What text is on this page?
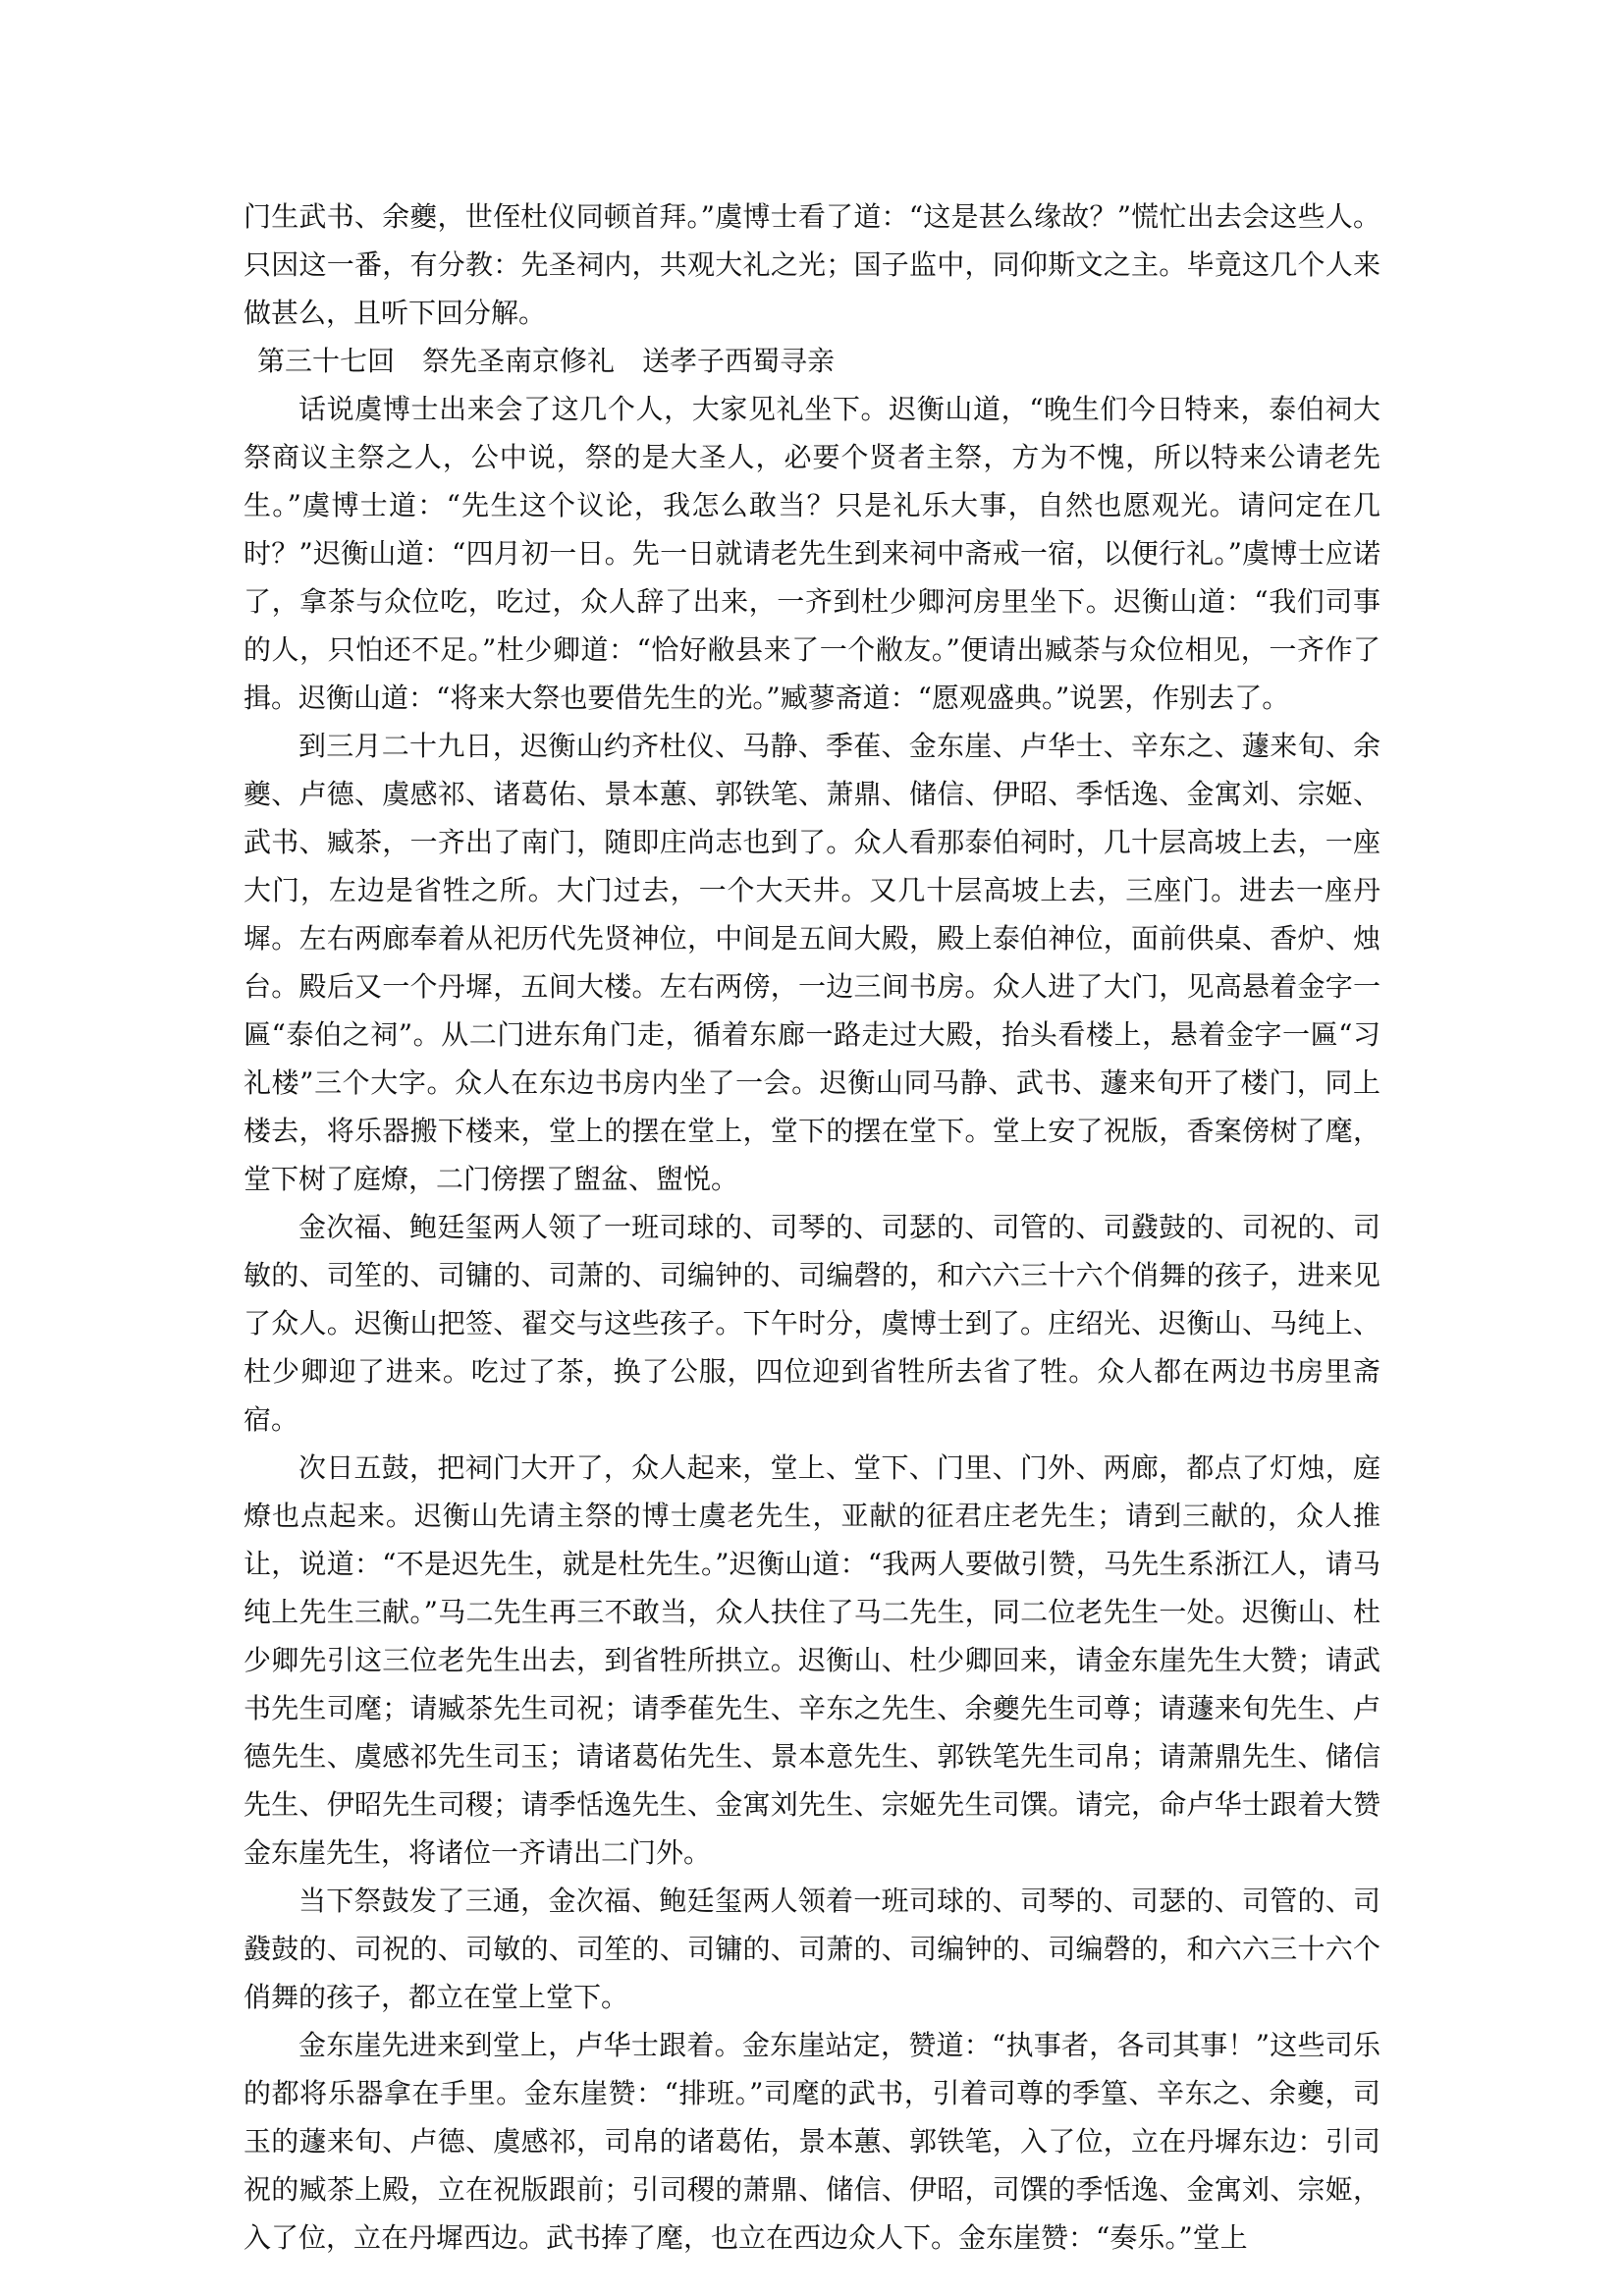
门生武书、余夔，世侄杜仪同顿首拜。”虞博士看了道：“这是甚么缘故？”慌忙出去会这些人。只因这一番，有分教：先圣祠内，共观大礼之光；国子监中，同仰斯文之主。毕竟这几个人来做甚么，且听下回分解。

第三十七回　祭先圣南京修礼　送孝子西蜀寻亲

话说虞博士出来会了这几个人，大家见礼坐下。迟衡山道，“晚生们今日特来，泰伯祠大祭商议主祭之人，公中说，祭的是大圣人，必要个贤者主祭，方为不愧，所以特来公请老先生。”虞博士道：“先生这个议论，我怎么敢当？只是礼乐大事，自然也愿观光。请问定在几时？”迟衡山道：“四月初一日。先一日就请老先生到来祠中斋戒一宿，以便行礼。”虞博士应诺了，拿茶与众位吃，吃过，众人辞了出来，一齐到杜少卿河房里坐下。迟衡山道：“我们司事的人，只怕还不足。”杜少卿道：“恰好敝县来了一个敝友。”便请出臧荼与众位相见，一齐作了揖。迟衡山道：“将来大祭也要借先生的光。”臧蓼斋道：“愿观盛典。”说罢，作别去了。

到三月二十九日，迟衡山约齐杜仪、马静、季萑、金东崖、卢华士、辛东之、蘧来旬、余夔、卢德、虞感祁、诸葛佑、景本蕙、郭铁笔、萧鼎、储信、伊昭、季恬逸、金寓刘、宗姬、武书、臧茶，一齐出了南门，随即庄尚志也到了。众人看那泰伯祠时，几十层高坡上去，一座大门，左边是省牲之所。大门过去，一个大天井。又几十层高坡上去，三座门。进去一座丹墀。左右两廊奉着从祀历代先贤神位，中间是五间大殿，殿上泰伯神位，面前供桌、香炉、烛台。殿后又一个丹墀，五间大楼。左右两傍，一边三间书房。众人进了大门，见高悬着金字一匾“泰伯之祠”。从二门进东角门走，循着东廊一路走过大殿，抬头看楼上，悬着金字一匾“习礼楼”三个大字。众人在东边书房内坐了一会。迟衡山同马静、武书、蘧来旬开了楼门，同上楼去，将乐器搬下楼来，堂上的摆在堂上，堂下的摆在堂下。堂上安了祝版，香案傍树了麾，堂下树了庭燎，二门傍摆了盥盆、盥悦。

金次福、鲍廷玺两人领了一班司球的、司琴的、司瑟的、司管的、司鼗鼓的、司祝的、司敏的、司笙的、司镛的、司萧的、司编钟的、司编磬的，和六六三十六个俏舞的孩子，进来见了众人。迟衡山把签、翟交与这些孩子。下午时分，虞博士到了。庄绍光、迟衡山、马纯上、杜少卿迎了进来。吃过了茶，换了公服，四位迎到省牲所去省了牲。众人都在两边书房里斋宿。

次日五鼓，把祠门大开了，众人起来，堂上、堂下、门里、门外、两廊，都点了灯烛，庭燎也点起来。迟衡山先请主祭的博士虞老先生，亚献的征君庄老先生；请到三献的，众人推让，说道：“不是迟先生，就是杜先生。”迟衡山道：“我两人要做引赞，马先生系浙江人，请马纯上先生三献。”马二先生再三不敢当，众人扶住了马二先生，同二位老先生一处。迟衡山、杜少卿先引这三位老先生出去，到省牲所拱立。迟衡山、杜少卿回来，请金东崖先生大赞；请武书先生司麾；请臧茶先生司祝；请季萑先生、辛东之先生、余夔先生司尊；请蘧来旬先生、卢德先生、虞感祁先生司玉；请诸葛佑先生、景本意先生、郭铁笔先生司帛；请萧鼎先生、储信先生、伊昭先生司稷；请季恬逸先生、金寓刘先生、宗姬先生司馔。请完，命卢华士跟着大赞金东崖先生，将诸位一齐请出二门外。

当下祭鼓发了三通，金次福、鲍廷玺两人领着一班司球的、司琴的、司瑟的、司管的、司鼗鼓的、司祝的、司敏的、司笙的、司镛的、司萧的、司编钟的、司编磬的，和六六三十六个俏舞的孩子，都立在堂上堂下。

金东崖先进来到堂上，卢华士跟着。金东崖站定，赞道：“执事者，各司其事！”这些司乐的都将乐器拿在手里。金东崖赞：“排班。”司麾的武书，引着司尊的季篁、辛东之、余夔，司玉的蘧来旬、卢德、虞感祁，司帛的诸葛佑，景本蕙、郭铁笔，入了位，立在丹墀东边：引司祝的臧茶上殿，立在祝版跟前；引司稷的萧鼎、储信、伊昭，司馔的季恬逸、金寓刘、宗姬，入了位，立在丹墀西边。武书捧了麾，也立在西边众人下。金东崖赞：“奏乐。”堂上
